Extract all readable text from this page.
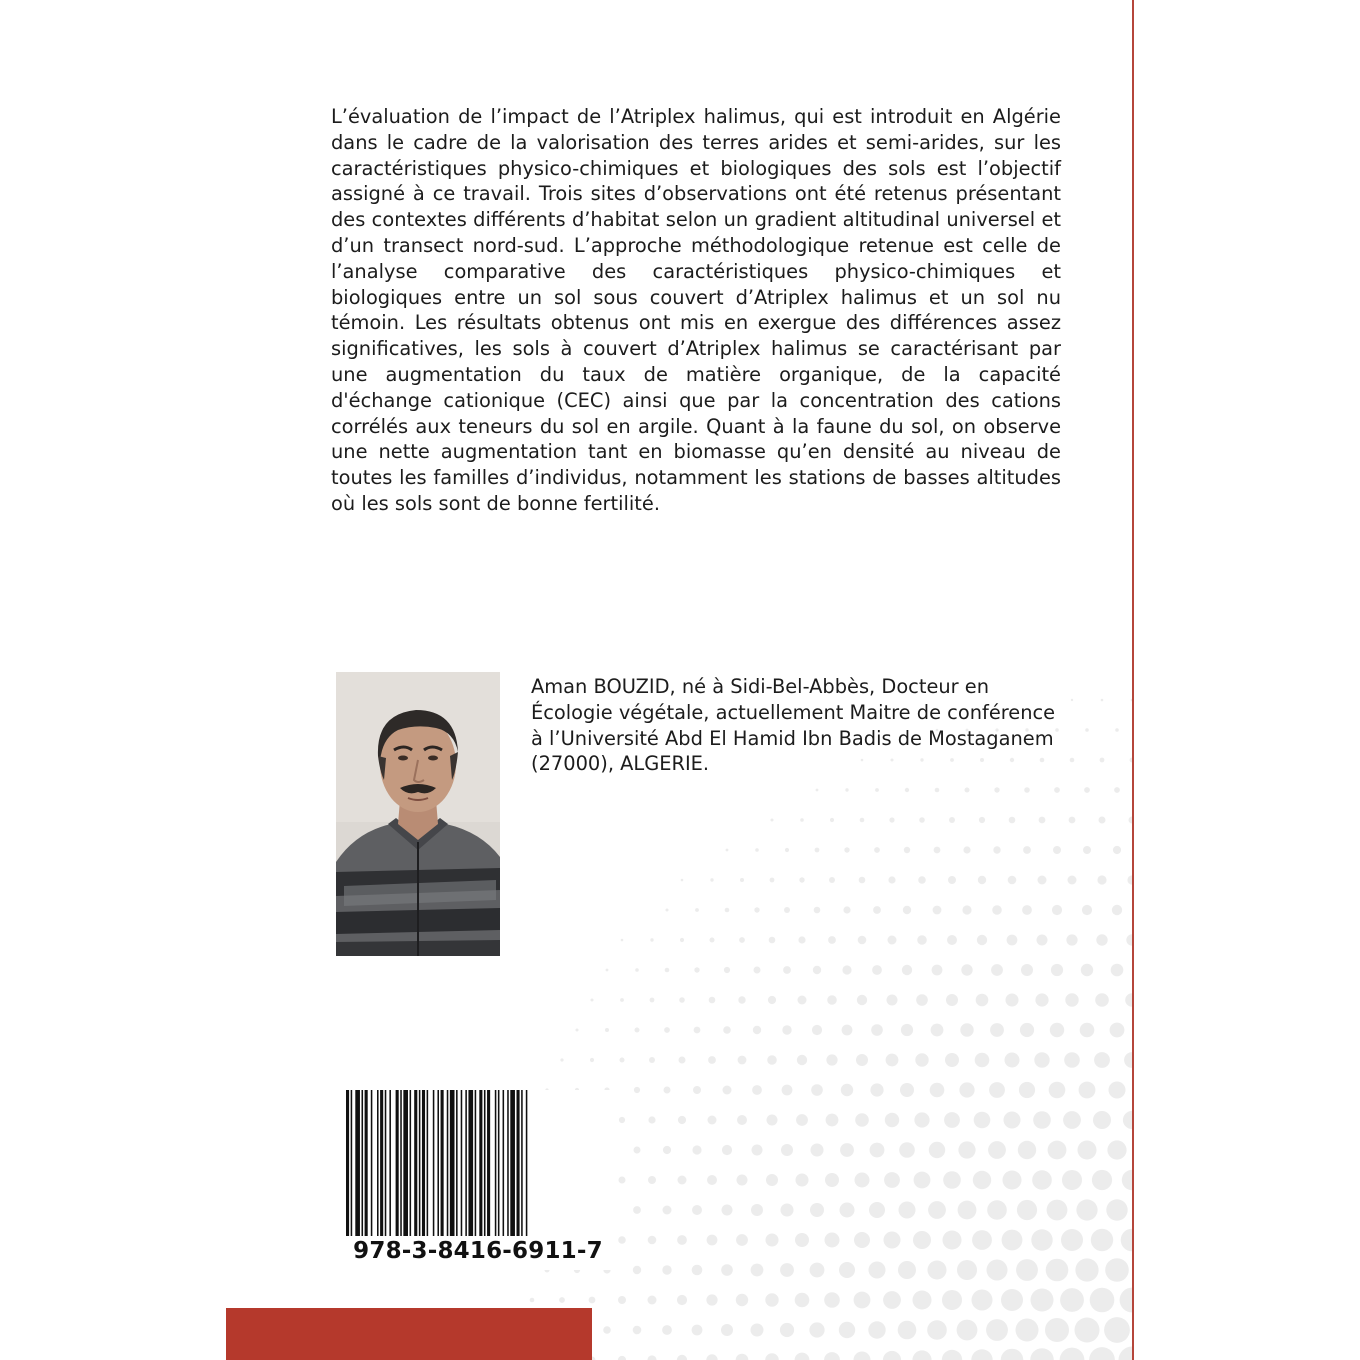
L’évaluation de l’impact de l’Atriplex halimus, qui est introduit en Algérie dans le cadre de la valorisation des terres arides et semi-arides, sur les caractéristiques physico-chimiques et biologiques des sols est l’objectif assigné à ce travail. Trois sites d’observations ont été retenus présentant des contextes différents d’habitat selon un gradient altitudinal universel et d’un transect nord-sud. L’approche méthodologique retenue est celle de l’analyse comparative des caractéristiques physico-chimiques et biologiques entre un sol sous couvert d’Atriplex halimus et un sol nu témoin. Les résultats obtenus ont mis en exergue des différences assez significatives, les sols à couvert d’Atriplex halimus se caractérisant par une augmentation du taux de matière organique, de la capacité d'échange cationique (CEC) ainsi que par la concentration des cations corrélés aux teneurs du sol en argile. Quant à la faune du sol, on observe une nette augmentation tant en biomasse qu’en densité au niveau de toutes les familles d’individus, notamment les stations de basses altitudes où les sols sont de bonne fertilité.

Aman BOUZID, né à Sidi-Bel-Abbès, Docteur en Écologie végétale, actuellement Maitre de conférence à l’Université Abd El Hamid Ibn Badis de Mostaganem (27000), ALGERIE.

978-3-8416-6911-7
